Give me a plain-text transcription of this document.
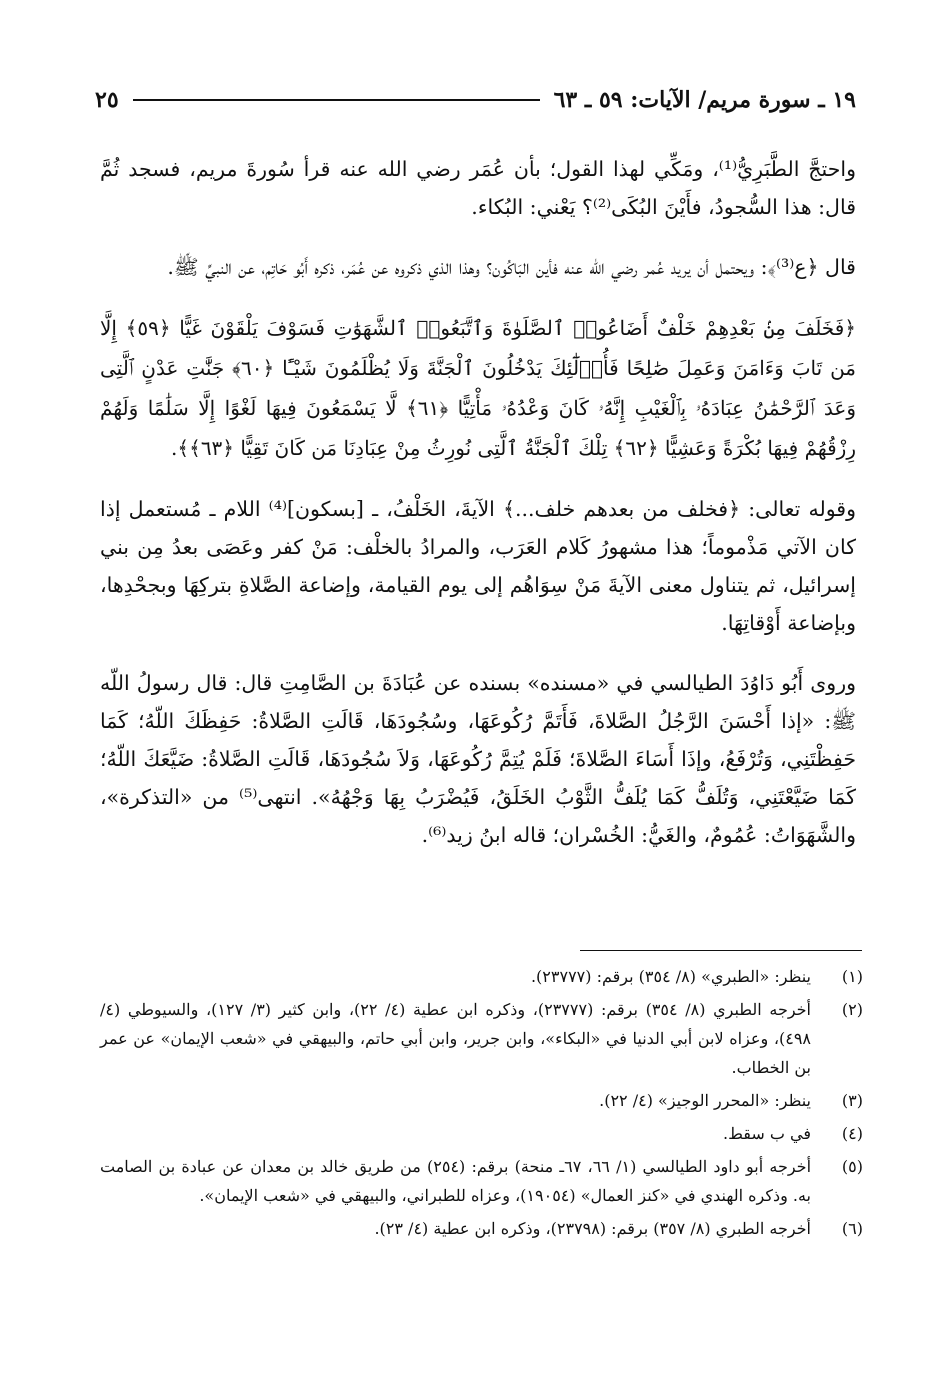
١٩ ـ سورة مريم/ الآيات: ٥٩ ـ ٦٣
٢٥

واحتجَّ الطَّبَرِيُّ⁽¹⁾، ومَكِّي لهذا القول؛ بأن عُمَر رضي الله عنه قرأ سُورةَ مريم، فسجد ثُمَّ قال: هذا السُّجودُ، فأَيْنَ البُكَى⁽²⁾؟ يَعْني: البُكاء.

قال ﴿ع⁽³⁾﴾: ويحتمل أن يريد عُمر رضي الله عنه فأين البَاكُون؟ وهذا الذي ذكروه عن عُمَر، ذكره أَبُو حَاتِم، عن النبيِّ ﷺ.

﴿فَخَلَفَ مِنۢ بَعْدِهِمْ خَلْفٌ أَضَاعُوا۟ ٱلصَّلَوٰةَ وَٱتَّبَعُوا۟ ٱلشَّهَوَٰتِ فَسَوْفَ يَلْقَوْنَ غَيًّا ﴿٥٩﴾ إِلَّا مَن تَابَ وَءَامَنَ وَعَمِلَ صَٰلِحًا فَأُو۟لَٰٓئِكَ يَدْخُلُونَ ٱلْجَنَّةَ وَلَا يُظْلَمُونَ شَيْـًٔا ﴿٦٠﴾ جَنَّٰتِ عَدْنٍ ٱلَّتِى وَعَدَ ٱلرَّحْمَٰنُ عِبَادَهُۥ بِٱلْغَيْبِ إِنَّهُۥ كَانَ وَعْدُهُۥ مَأْتِيًّا ﴿٦١﴾ لَّا يَسْمَعُونَ فِيهَا لَغْوًا إِلَّا سَلَٰمًا وَلَهُمْ رِزْقُهُمْ فِيهَا بُكْرَةً وَعَشِيًّا ﴿٦٢﴾ تِلْكَ ٱلْجَنَّةُ ٱلَّتِى نُورِثُ مِنْ عِبَادِنَا مَن كَانَ تَقِيًّا ﴿٦٣﴾﴾.

وقوله تعالى: ﴿فخلف من بعدهم خلف...﴾ الآيةَ، الخَلْفُ، ـ [بسكون]⁽⁴⁾ اللام ـ مُستعمل إذا كان الآتي مَذْموماً؛ هذا مشهورُ كَلام العَرَب، والمرادُ بالخلْف: مَنْ كفر وعَصَى بعدُ مِن بني إسرائيل، ثم يتناول معنى الآيةَ مَنْ سِوَاهُم إلى يوم القيامة، وإضاعة الصَّلاةِ بتركِهَا وبجحْدِها، وبإضاعة أَوْقاتِهَا.

وروى أَبُو دَاوُدَ الطيالسي في «مسنده» بسنده عن عُبَادَةَ بن الصَّامِتِ قال: قال رسولُ اللّه ﷺ: «إذا أَحْسَنَ الرَّجُلُ الصَّلاةَ، فَأَتَمَّ رُكُوعَهَا، وسُجُودَهَا، قَالَتِ الصَّلاةُ: حَفِظَكَ اللّهُ؛ كَمَا حَفِظْتَنِي، وَتُرْفَعُ، وإذَا أَسَاءَ الصَّلاةَ؛ فَلَمْ يُتِمَّ رُكُوعَهَا، وَلاَ سُجُودَهَا، قَالَتِ الصَّلاةُ: ضَيَّعَكَ اللّهُ؛ كَمَا ضَيَّعْتَنِي، وَتُلَفُّ كَمَا يُلَفُّ الثَّوْبُ الخَلَقُ، فَيُضْرَبُ بِهَا وَجْهُهُ». انتهى⁽⁵⁾ من «التذكرة»، والشَّهَوَاتُ: عُمُومٌ، والغَيُّ: الخُسْران؛ قاله ابنُ زيد⁽⁶⁾.

(١)
ينظر: «الطبري» (٨/ ٣٥٤) برقم: (٢٣٧٧٧).
(٢)
أخرجه الطبري (٨/ ٣٥٤) برقم: (٢٣٧٧٧)، وذكره ابن عطية (٤/ ٢٢)، وابن كثير (٣/ ١٢٧)، والسيوطي (٤/ ٤٩٨)، وعزاه لابن أبي الدنيا في «البكاء»، وابن جرير، وابن أبي حاتم، والبيهقي في «شعب الإيمان» عن عمر بن الخطاب.
(٣)
ينظر: «المحرر الوجيز» (٤/ ٢٢).
(٤)
في ب سقط.
(٥)
أخرجه أبو داود الطيالسي (١/ ٦٦، ٦٧ـ منحة) برقم: (٢٥٤) من طريق خالد بن معدان عن عبادة بن الصامت به. وذكره الهندي في «كنز العمال» (١٩٠٥٤)، وعزاه للطبراني، والبيهقي في «شعب الإيمان».
(٦)
أخرجه الطبري (٨/ ٣٥٧) برقم: (٢٣٧٩٨)، وذكره ابن عطية (٤/ ٢٣).
